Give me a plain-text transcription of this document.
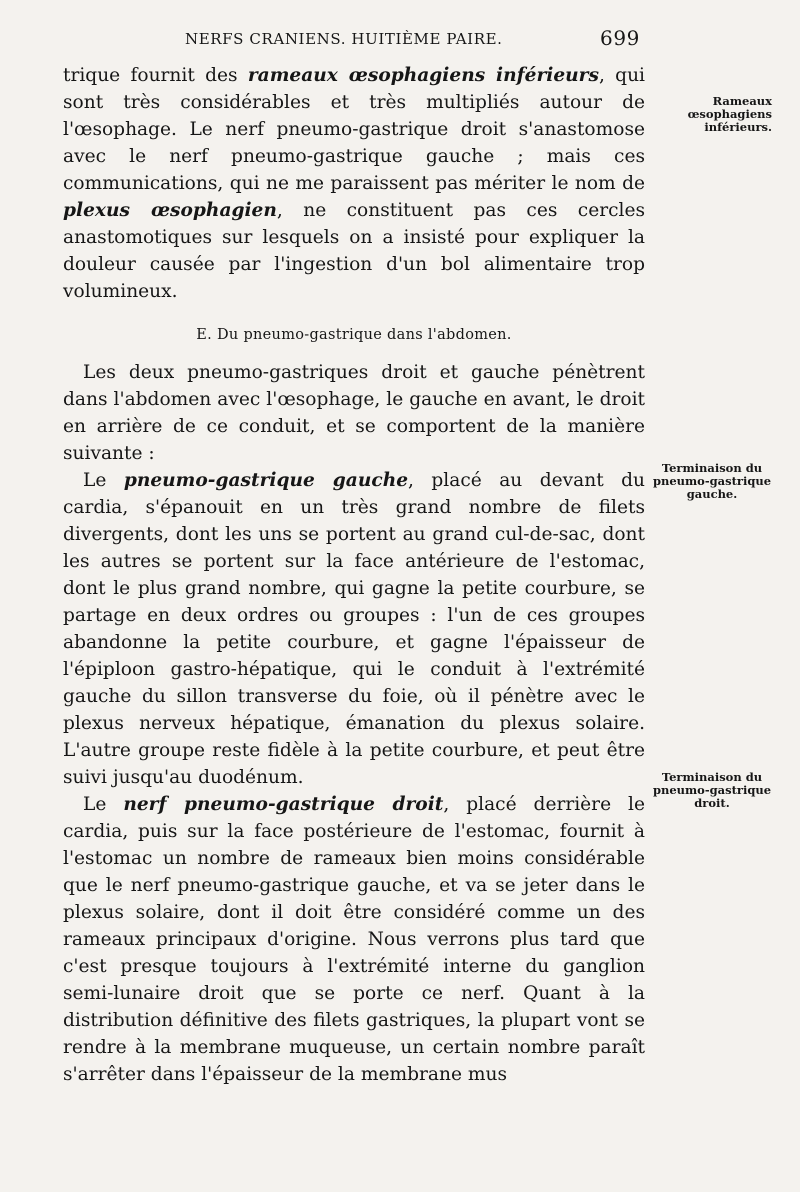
NERFS CRANIENS. HUITIÈME PAIRE.	699

trique fournit des rameaux œsophagiens inférieurs, qui sont très considérables et très multipliés autour de l'œsophage. Le nerf pneumo-gastrique droit s'anastomose avec le nerf pneumo-gastrique gauche ; mais ces communications, qui ne me paraissent pas mériter le nom de plexus œsophagien, ne constituent pas ces cercles anastomotiques sur lesquels on a insisté pour expliquer la douleur causée par l'ingestion d'un bol alimentaire trop volumineux.

E. Du pneumo-gastrique dans l'abdomen.

Les deux pneumo-gastriques droit et gauche pénètrent dans l'abdomen avec l'œsophage, le gauche en avant, le droit en arrière de ce conduit, et se comportent de la manière suivante :

Le pneumo-gastrique gauche, placé au devant du cardia, s'épanouit en un très grand nombre de filets divergents, dont les uns se portent au grand cul-de-sac, dont les autres se portent sur la face antérieure de l'estomac, dont le plus grand nombre, qui gagne la petite courbure, se partage en deux ordres ou groupes : l'un de ces groupes abandonne la petite courbure, et gagne l'épaisseur de l'épiploon gastro-hépatique, qui le conduit à l'extrémité gauche du sillon transverse du foie, où il pénètre avec le plexus nerveux hépatique, émanation du plexus solaire. L'autre groupe reste fidèle à la petite courbure, et peut être suivi jusqu'au duodénum.

Le nerf pneumo-gastrique droit, placé derrière le cardia, puis sur la face postérieure de l'estomac, fournit à l'estomac un nombre de rameaux bien moins considérable que le nerf pneumo-gastrique gauche, et va se jeter dans le plexus solaire, dont il doit être considéré comme un des rameaux principaux d'origine. Nous verrons plus tard que c'est presque toujours à l'extrémité interne du ganglion semi-lunaire droit que se porte ce nerf. Quant à la distribution définitive des filets gastriques, la plupart vont se rendre à la membrane muqueuse, un certain nombre paraît s'arrêter dans l'épaisseur de la membrane mus

Rameaux œsophagiens inférieurs.
Terminaison du pneumo-gastrique gauche.
Terminaison du pneumo-gastrique droit.
